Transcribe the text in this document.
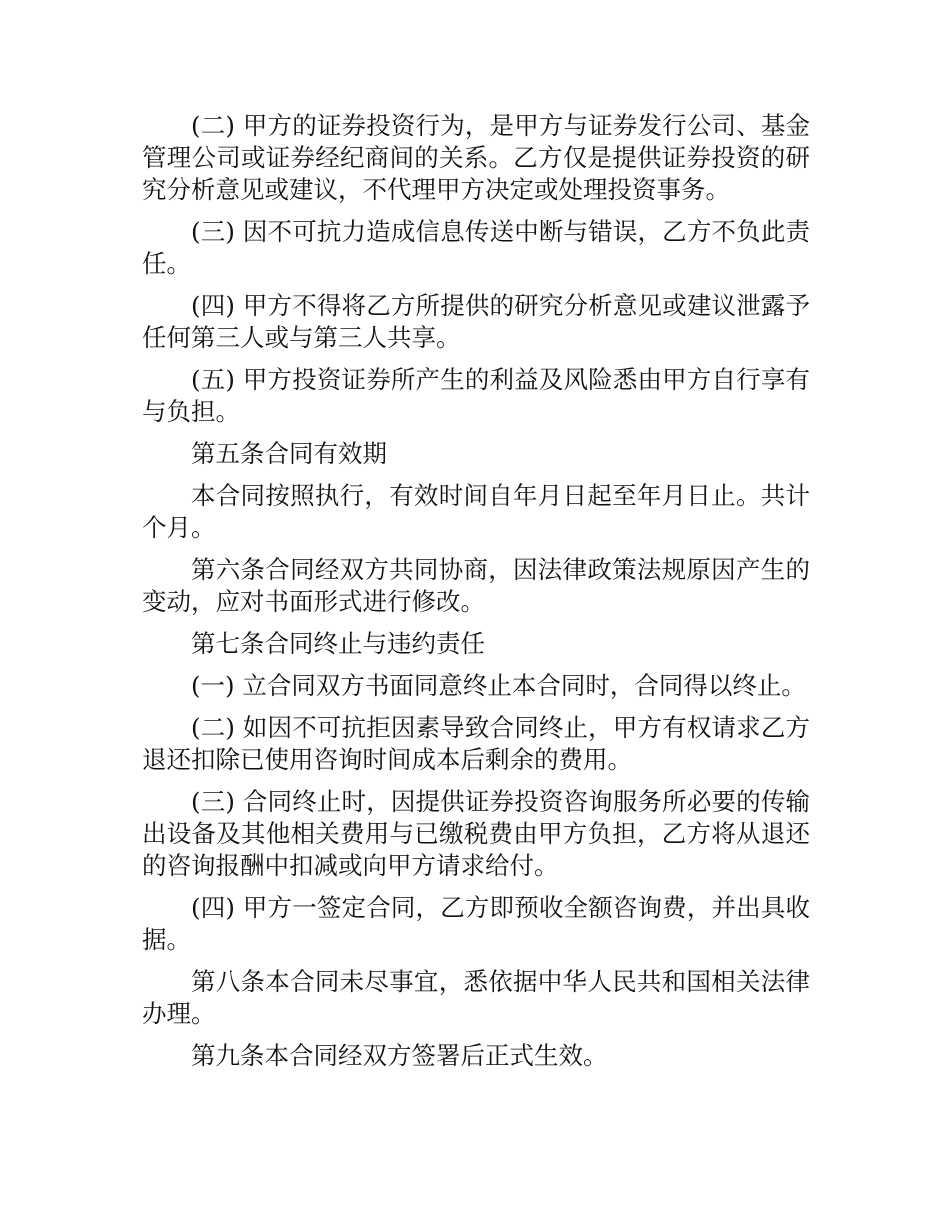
(二) 甲方的证券投资行为，是甲方与证券发行公司、基金管理公司或证券经纪商间的关系。乙方仅是提供证券投资的研究分析意见或建议，不代理甲方决定或处理投资事务。

(三) 因不可抗力造成信息传送中断与错误，乙方不负此责任。

(四) 甲方不得将乙方所提供的研究分析意见或建议泄露予任何第三人或与第三人共享。

(五) 甲方投资证券所产生的利益及风险悉由甲方自行享有与负担。

第五条合同有效期

本合同按照执行，有效时间自年月日起至年月日止。共计个月。

第六条合同经双方共同协商，因法律政策法规原因产生的变动，应对书面形式进行修改。

第七条合同终止与违约责任

(一) 立合同双方书面同意终止本合同时，合同得以终止。

(二) 如因不可抗拒因素导致合同终止，甲方有权请求乙方退还扣除已使用咨询时间成本后剩余的费用。

(三) 合同终止时，因提供证券投资咨询服务所必要的传输出设备及其他相关费用与已缴税费由甲方负担，乙方将从退还的咨询报酬中扣减或向甲方请求给付。

(四) 甲方一签定合同，乙方即预收全额咨询费，并出具收据。

第八条本合同未尽事宜，悉依据中华人民共和国相关法律办理。

第九条本合同经双方签署后正式生效。
